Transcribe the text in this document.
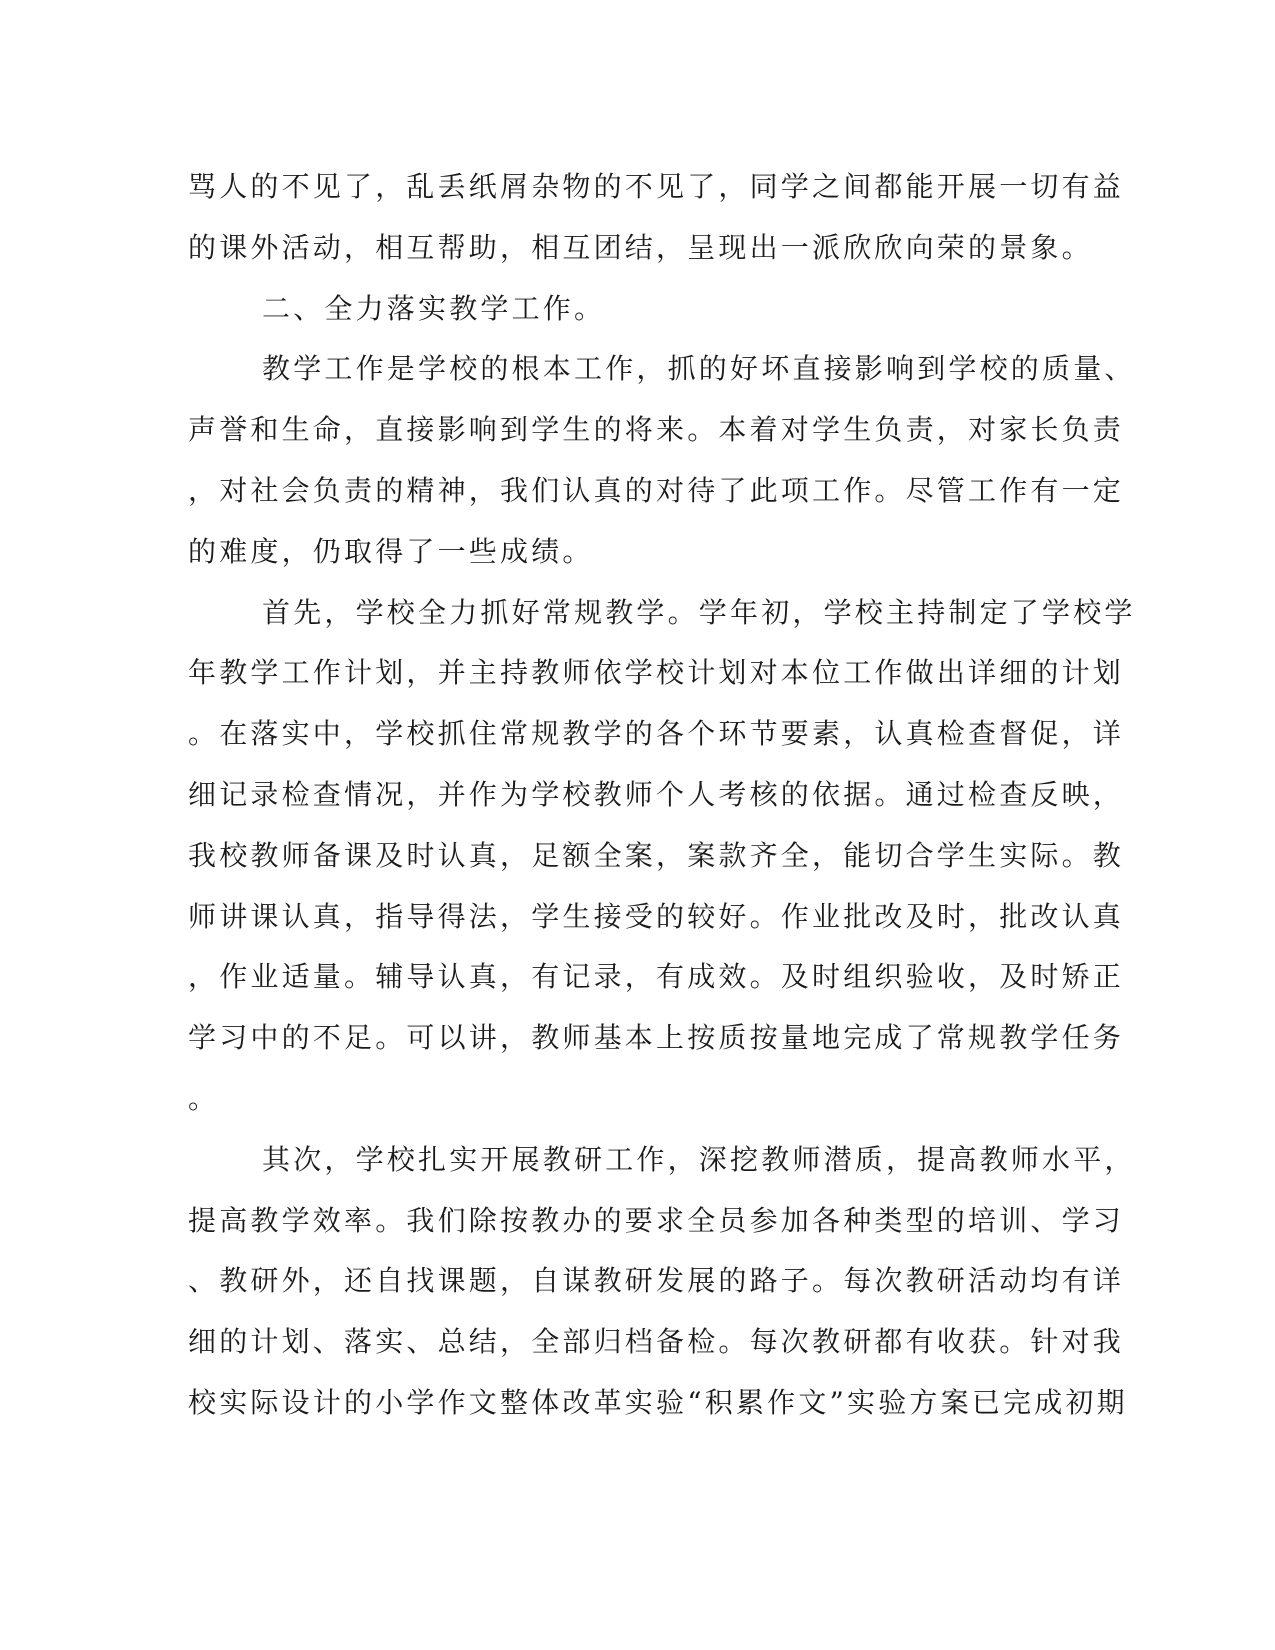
骂人的不见了，乱丢纸屑杂物的不见了，同学之间都能开展一切有益
的课外活动，相互帮助，相互团结，呈现出一派欣欣向荣的景象。
二、全力落实教学工作。
教学工作是学校的根本工作，抓的好坏直接影响到学校的质量、
声誉和生命，直接影响到学生的将来。本着对学生负责，对家长负责
，对社会负责的精神，我们认真的对待了此项工作。尽管工作有一定
的难度，仍取得了一些成绩。
首先，学校全力抓好常规教学。学年初，学校主持制定了学校学
年教学工作计划，并主持教师依学校计划对本位工作做出详细的计划
。在落实中，学校抓住常规教学的各个环节要素，认真检查督促，详
细记录检查情况，并作为学校教师个人考核的依据。通过检查反映，
我校教师备课及时认真，足额全案，案款齐全，能切合学生实际。教
师讲课认真，指导得法，学生接受的较好。作业批改及时，批改认真
，作业适量。辅导认真，有记录，有成效。及时组织验收，及时矫正
学习中的不足。可以讲，教师基本上按质按量地完成了常规教学任务
。
其次，学校扎实开展教研工作，深挖教师潜质，提高教师水平，
提高教学效率。我们除按教办的要求全员参加各种类型的培训、学习
、教研外，还自找课题，自谋教研发展的路子。每次教研活动均有详
细的计划、落实、总结，全部归档备检。每次教研都有收获。针对我
校实际设计的小学作文整体改革实验“积累作文”实验方案已完成初期
